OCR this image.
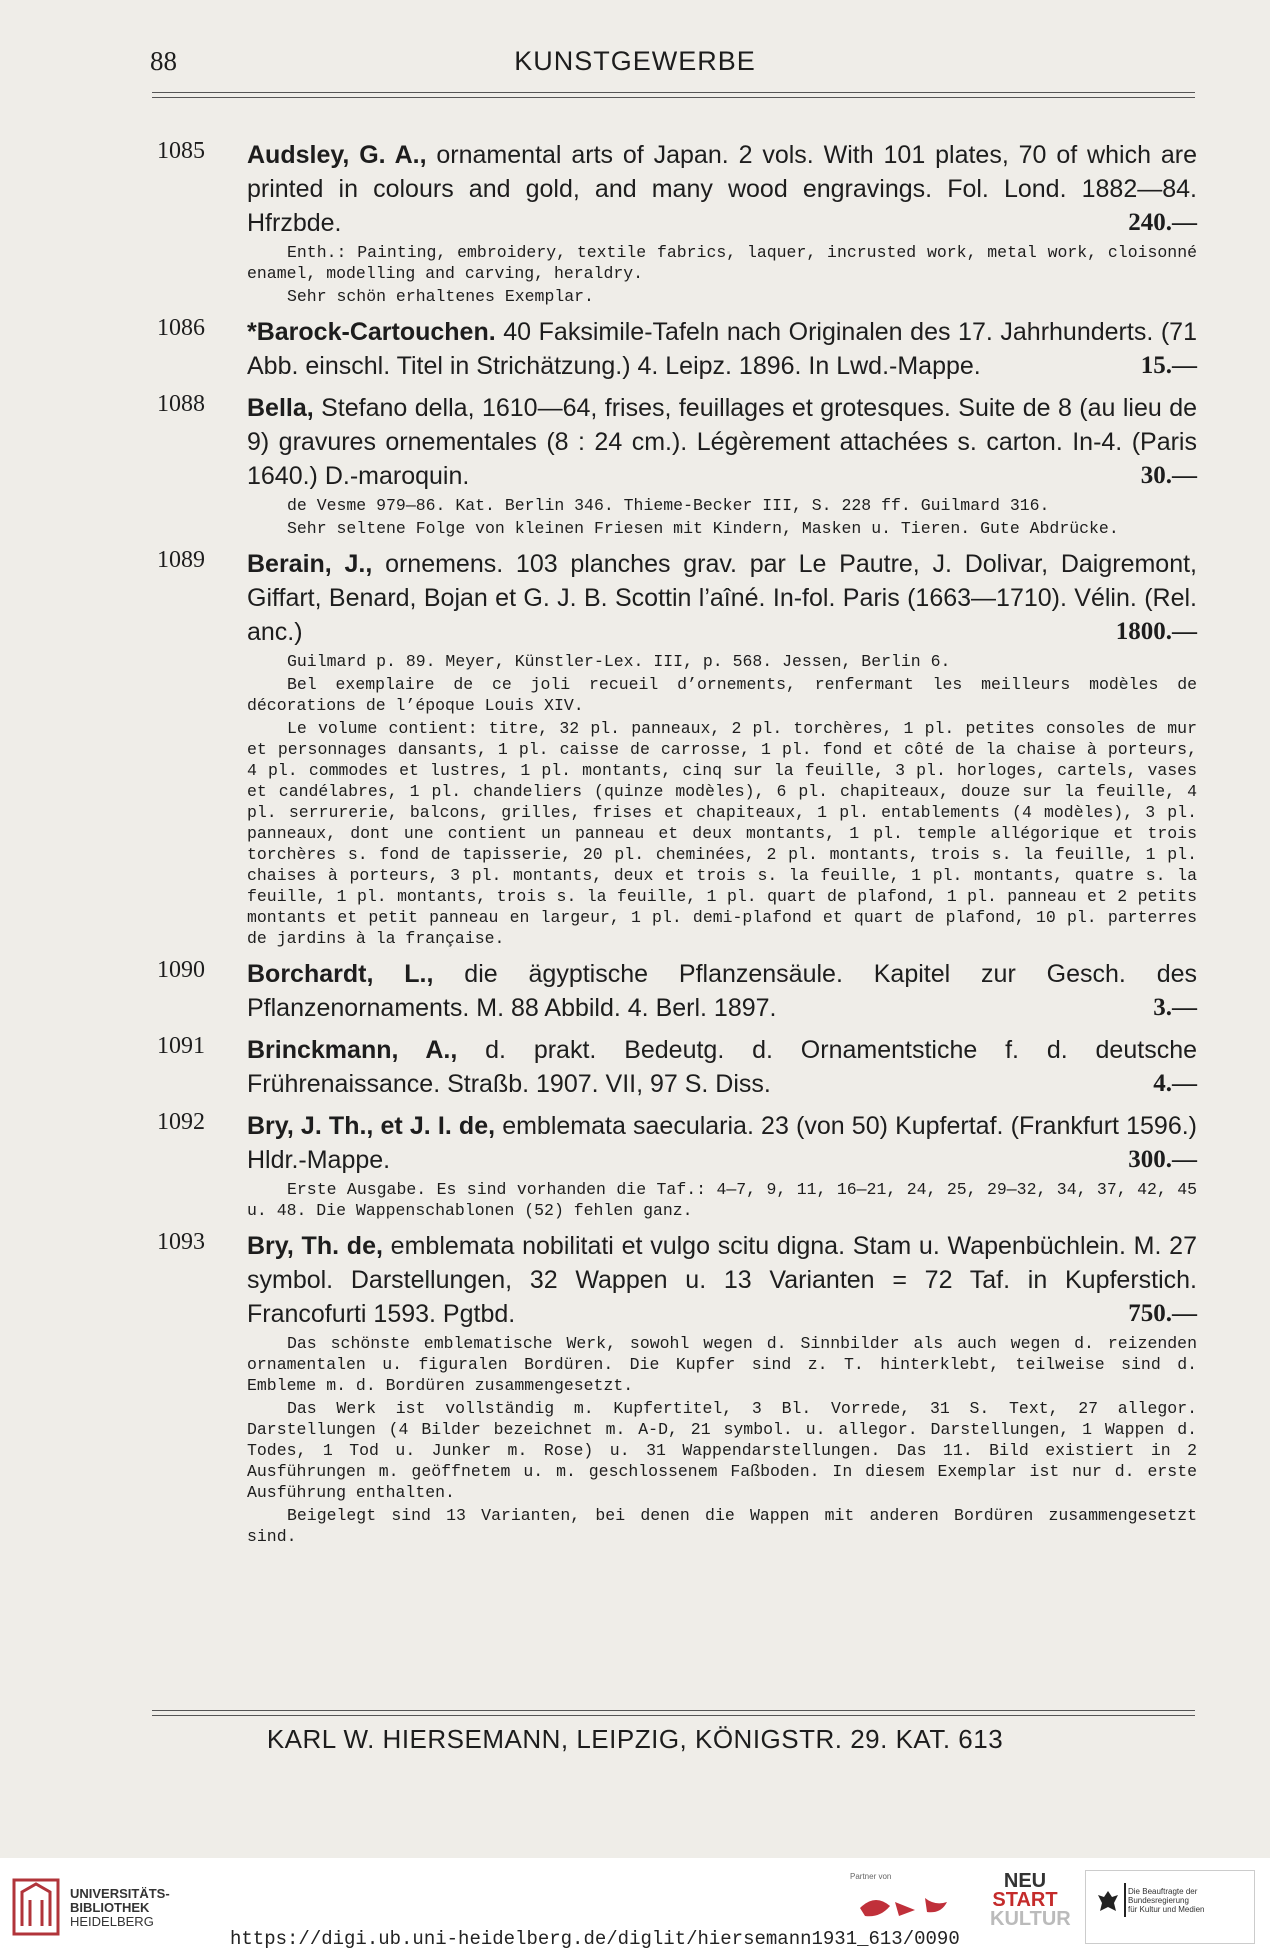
88	KUNSTGEWERBE
1085 Audsley, G. A., ornamental arts of Japan. 2 vols. With 101 plates, 70 of which are printed in colours and gold, and many wood engravings. Fol. Lond. 1882—84. Hfrzbde.	240.—

Enth.: Painting, embroidery, textile fabrics, laquer, incrusted work, metal work, cloisonné enamel, modelling and carving, heraldry.

Sehr schön erhaltenes Exemplar.

1086 *Barock-Cartouchen. 40 Faksimile-Tafeln nach Originalen des 17. Jahrhunderts. (71 Abb. einschl. Titel in Strichätzung.) 4. Leipz. 1896. In Lwd.-Mappe.	15.—
1088 Bella, Stefano della, 1610—64, frises, feuillages et grotesques. Suite de 8 (au lieu de 9) gravures ornementales (8 : 24 cm.). Légèrement attachées s. carton. In-4. (Paris 1640.) D.-maroquin.	30.—

de Vesme 979—86. Kat. Berlin 346. Thieme-Becker III, S. 228 ff. Guilmard 316.

Sehr seltene Folge von kleinen Friesen mit Kindern, Masken u. Tieren. Gute Abdrücke.

1089 Berain, J., ornemens. 103 planches grav. par Le Pautre, J. Dolivar, Daigremont, Giffart, Benard, Bojan et G. J. B. Scottin l’aîné. In-fol. Paris (1663—1710). Vélin. (Rel. anc.)	1800.—

Guilmard p. 89. Meyer, Künstler-Lex. III, p. 568. Jessen, Berlin 6.

Bel exemplaire de ce joli recueil d’ornements, renfermant les meilleurs modèles de décorations de l’époque Louis XIV.

Le volume contient: titre, 32 pl. panneaux, 2 pl. torchères, 1 pl. petites consoles de mur et personnages dansants, 1 pl. caisse de carrosse, 1 pl. fond et côté de la chaise à porteurs, 4 pl. commodes et lustres, 1 pl. montants, cinq sur la feuille, 3 pl. horloges, cartels, vases et candélabres, 1 pl. chandeliers (quinze modèles), 6 pl. chapiteaux, douze sur la feuille, 4 pl. serrurerie, balcons, grilles, frises et chapiteaux, 1 pl. entablements (4 modèles), 3 pl. panneaux, dont une contient un panneau et deux montants, 1 pl. temple allégorique et trois torchères s. fond de tapisserie, 20 pl. cheminées, 2 pl. montants, trois s. la feuille, 1 pl. chaises à porteurs, 3 pl. montants, deux et trois s. la feuille, 1 pl. montants, quatre s. la feuille, 1 pl. montants, trois s. la feuille, 1 pl. quart de plafond, 1 pl. panneau et 2 petits montants et petit panneau en largeur, 1 pl. demi-plafond et quart de plafond, 10 pl. parterres de jardins à la française.

1090 Borchardt, L., die ägyptische Pflanzensäule. Kapitel zur Gesch. des Pflanzenornaments. M. 88 Abbild. 4. Berl. 1897.	3.—
1091 Brinckmann, A., d. prakt. Bedeutg. d. Ornamentstiche f. d. deutsche Frührenaissance. Straßb. 1907. VII, 97 S. Diss.	4.—
1092 Bry, J. Th., et J. I. de, emblemata saecularia. 23 (von 50) Kupfertaf. (Frankfurt 1596.) Hldr.-Mappe.	300.—

Erste Ausgabe. Es sind vorhanden die Taf.: 4—7, 9, 11, 16—21, 24, 25, 29—32, 34, 37, 42, 45 u. 48. Die Wappenschablonen (52) fehlen ganz.

1093 Bry, Th. de, emblemata nobilitati et vulgo scitu digna. Stam u. Wapenbüchlein. M. 27 symbol. Darstellungen, 32 Wappen u. 13 Varianten = 72 Taf. in Kupferstich. Francofurti 1593. Pgtbd.	750.—

Das schönste emblematische Werk, sowohl wegen d. Sinnbilder als auch wegen d. reizenden ornamentalen u. figuralen Bordüren. Die Kupfer sind z. T. hinterklebt, teilweise sind d. Embleme m. d. Bordüren zusammengesetzt.

Das Werk ist vollständig m. Kupfertitel, 3 Bl. Vorrede, 31 S. Text, 27 allegor. Darstellungen (4 Bilder bezeichnet m. A-D, 21 symbol. u. allegor. Darstellungen, 1 Wappen d. Todes, 1 Tod u. Junker m. Rose) u. 31 Wappendarstellungen. Das 11. Bild existiert in 2 Ausführungen m. geöffnetem u. m. geschlossenem Faßboden. In diesem Exemplar ist nur d. erste Ausführung enthalten.

Beigelegt sind 13 Varianten, bei denen die Wappen mit anderen Bordüren zusammengesetzt sind.

KARL W. HIERSEMANN, LEIPZIG, KÖNIGSTR. 29. KAT. 613
UNIVERSITÄTS-
BIBLIOTHEK
HEIDELBERG
https://digi.ub.uni-heidelberg.de/diglit/hiersemann1931_613/0090
Partner von	NEU
START
KULTUR
Die Beauftragte der Bundesregierung
für Kultur und Medien
